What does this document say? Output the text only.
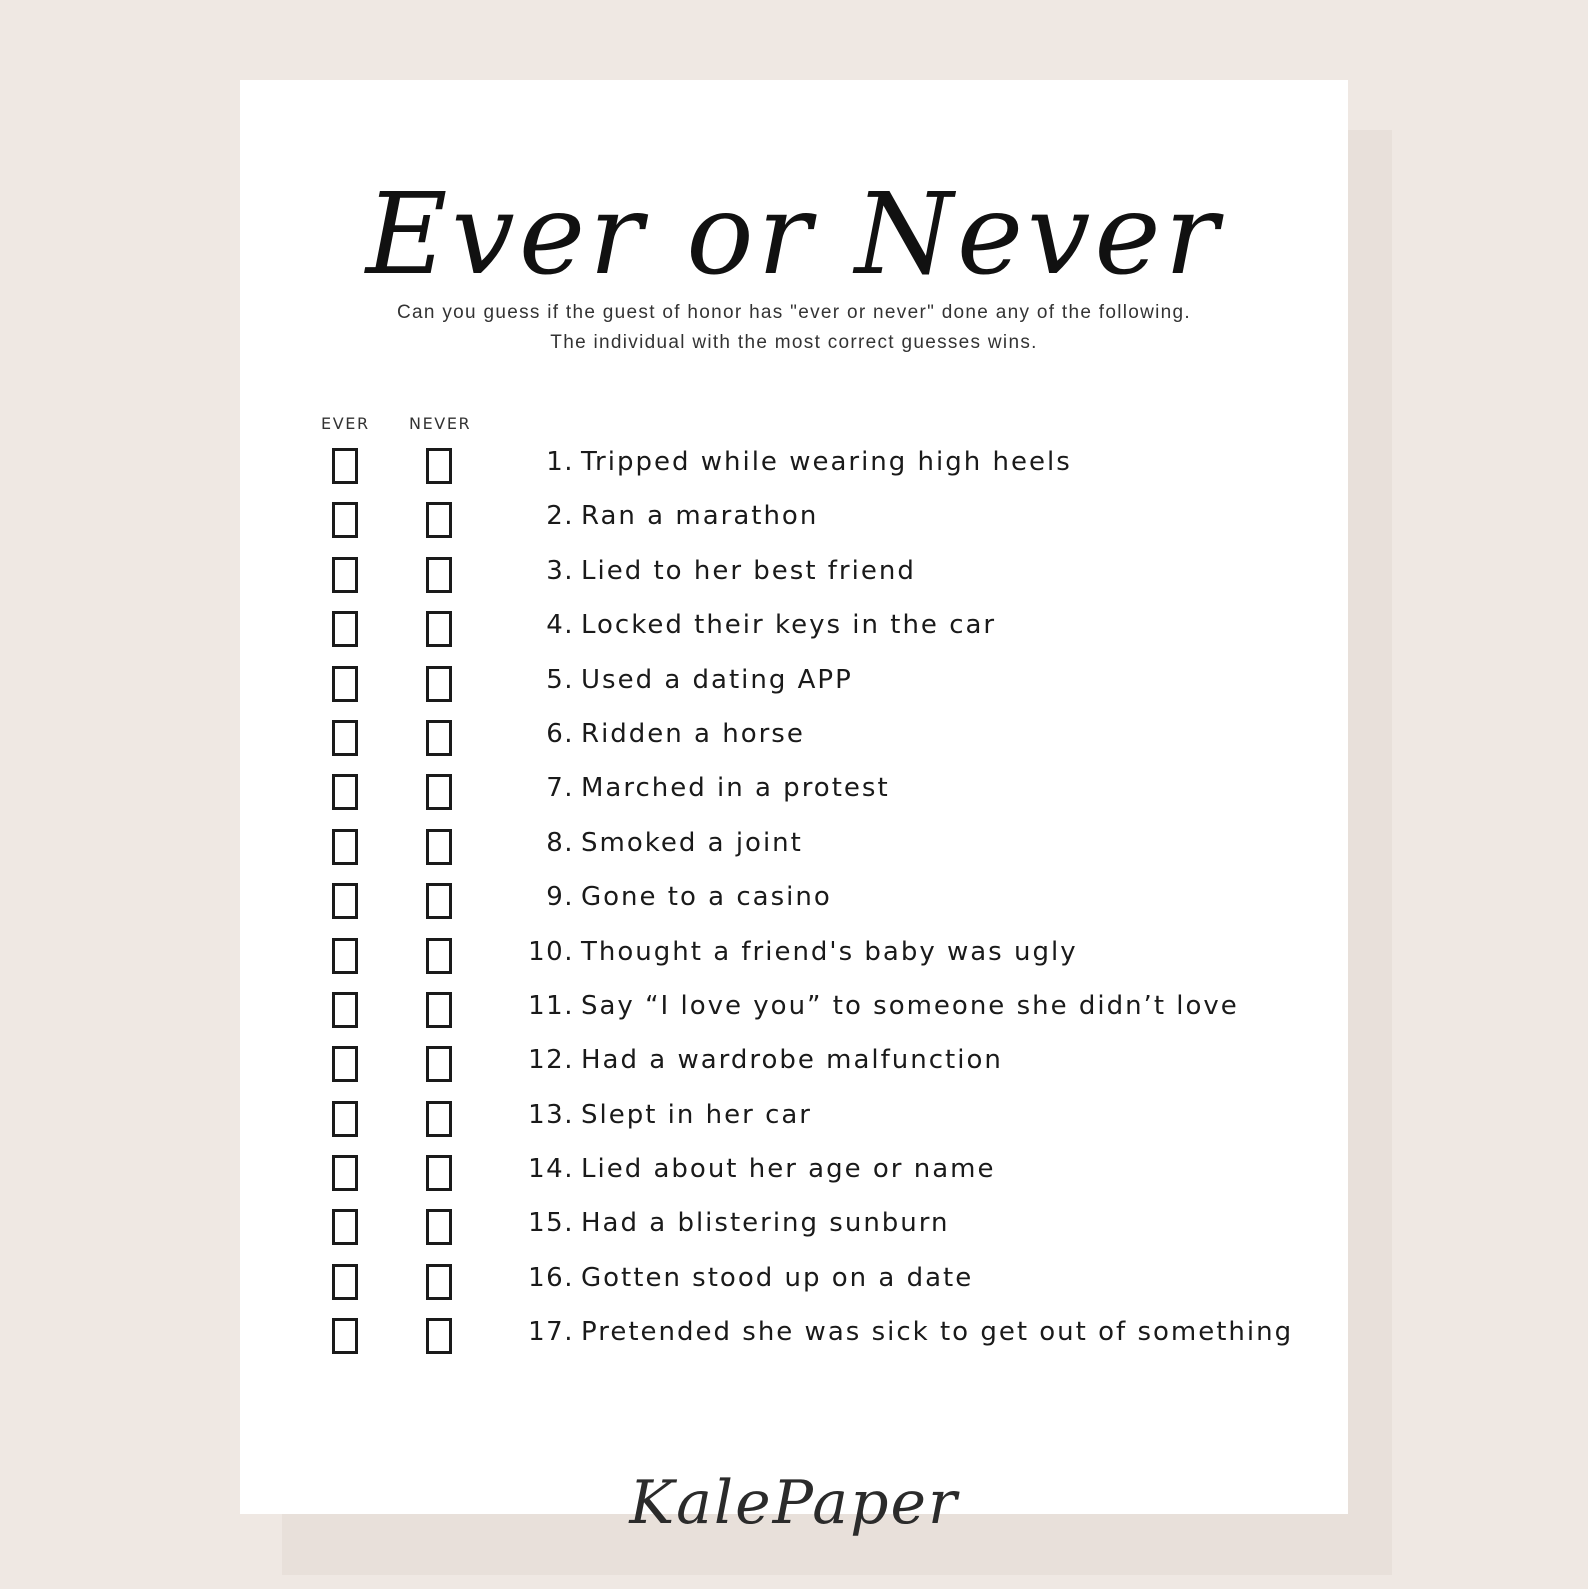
Ever or Never
Can you guess if the guest of honor has "ever or never" done any of the following.
The individual with the most correct guesses wins.
EVER NEVER
1. Tripped while wearing high heels
2. Ran a marathon
3. Lied to her best friend
4. Locked their keys in the car
5. Used a dating APP
6. Ridden a horse
7. Marched in a protest
8. Smoked a joint
9. Gone to a casino
10. Thought a friend's baby was ugly
11. Say “I love you” to someone she didn’t love
12. Had a wardrobe malfunction
13. Slept in her car
14. Lied about her age or name
15. Had a blistering sunburn
16. Gotten stood up on a date
17. Pretended she was sick to get out of something
KalePaper
